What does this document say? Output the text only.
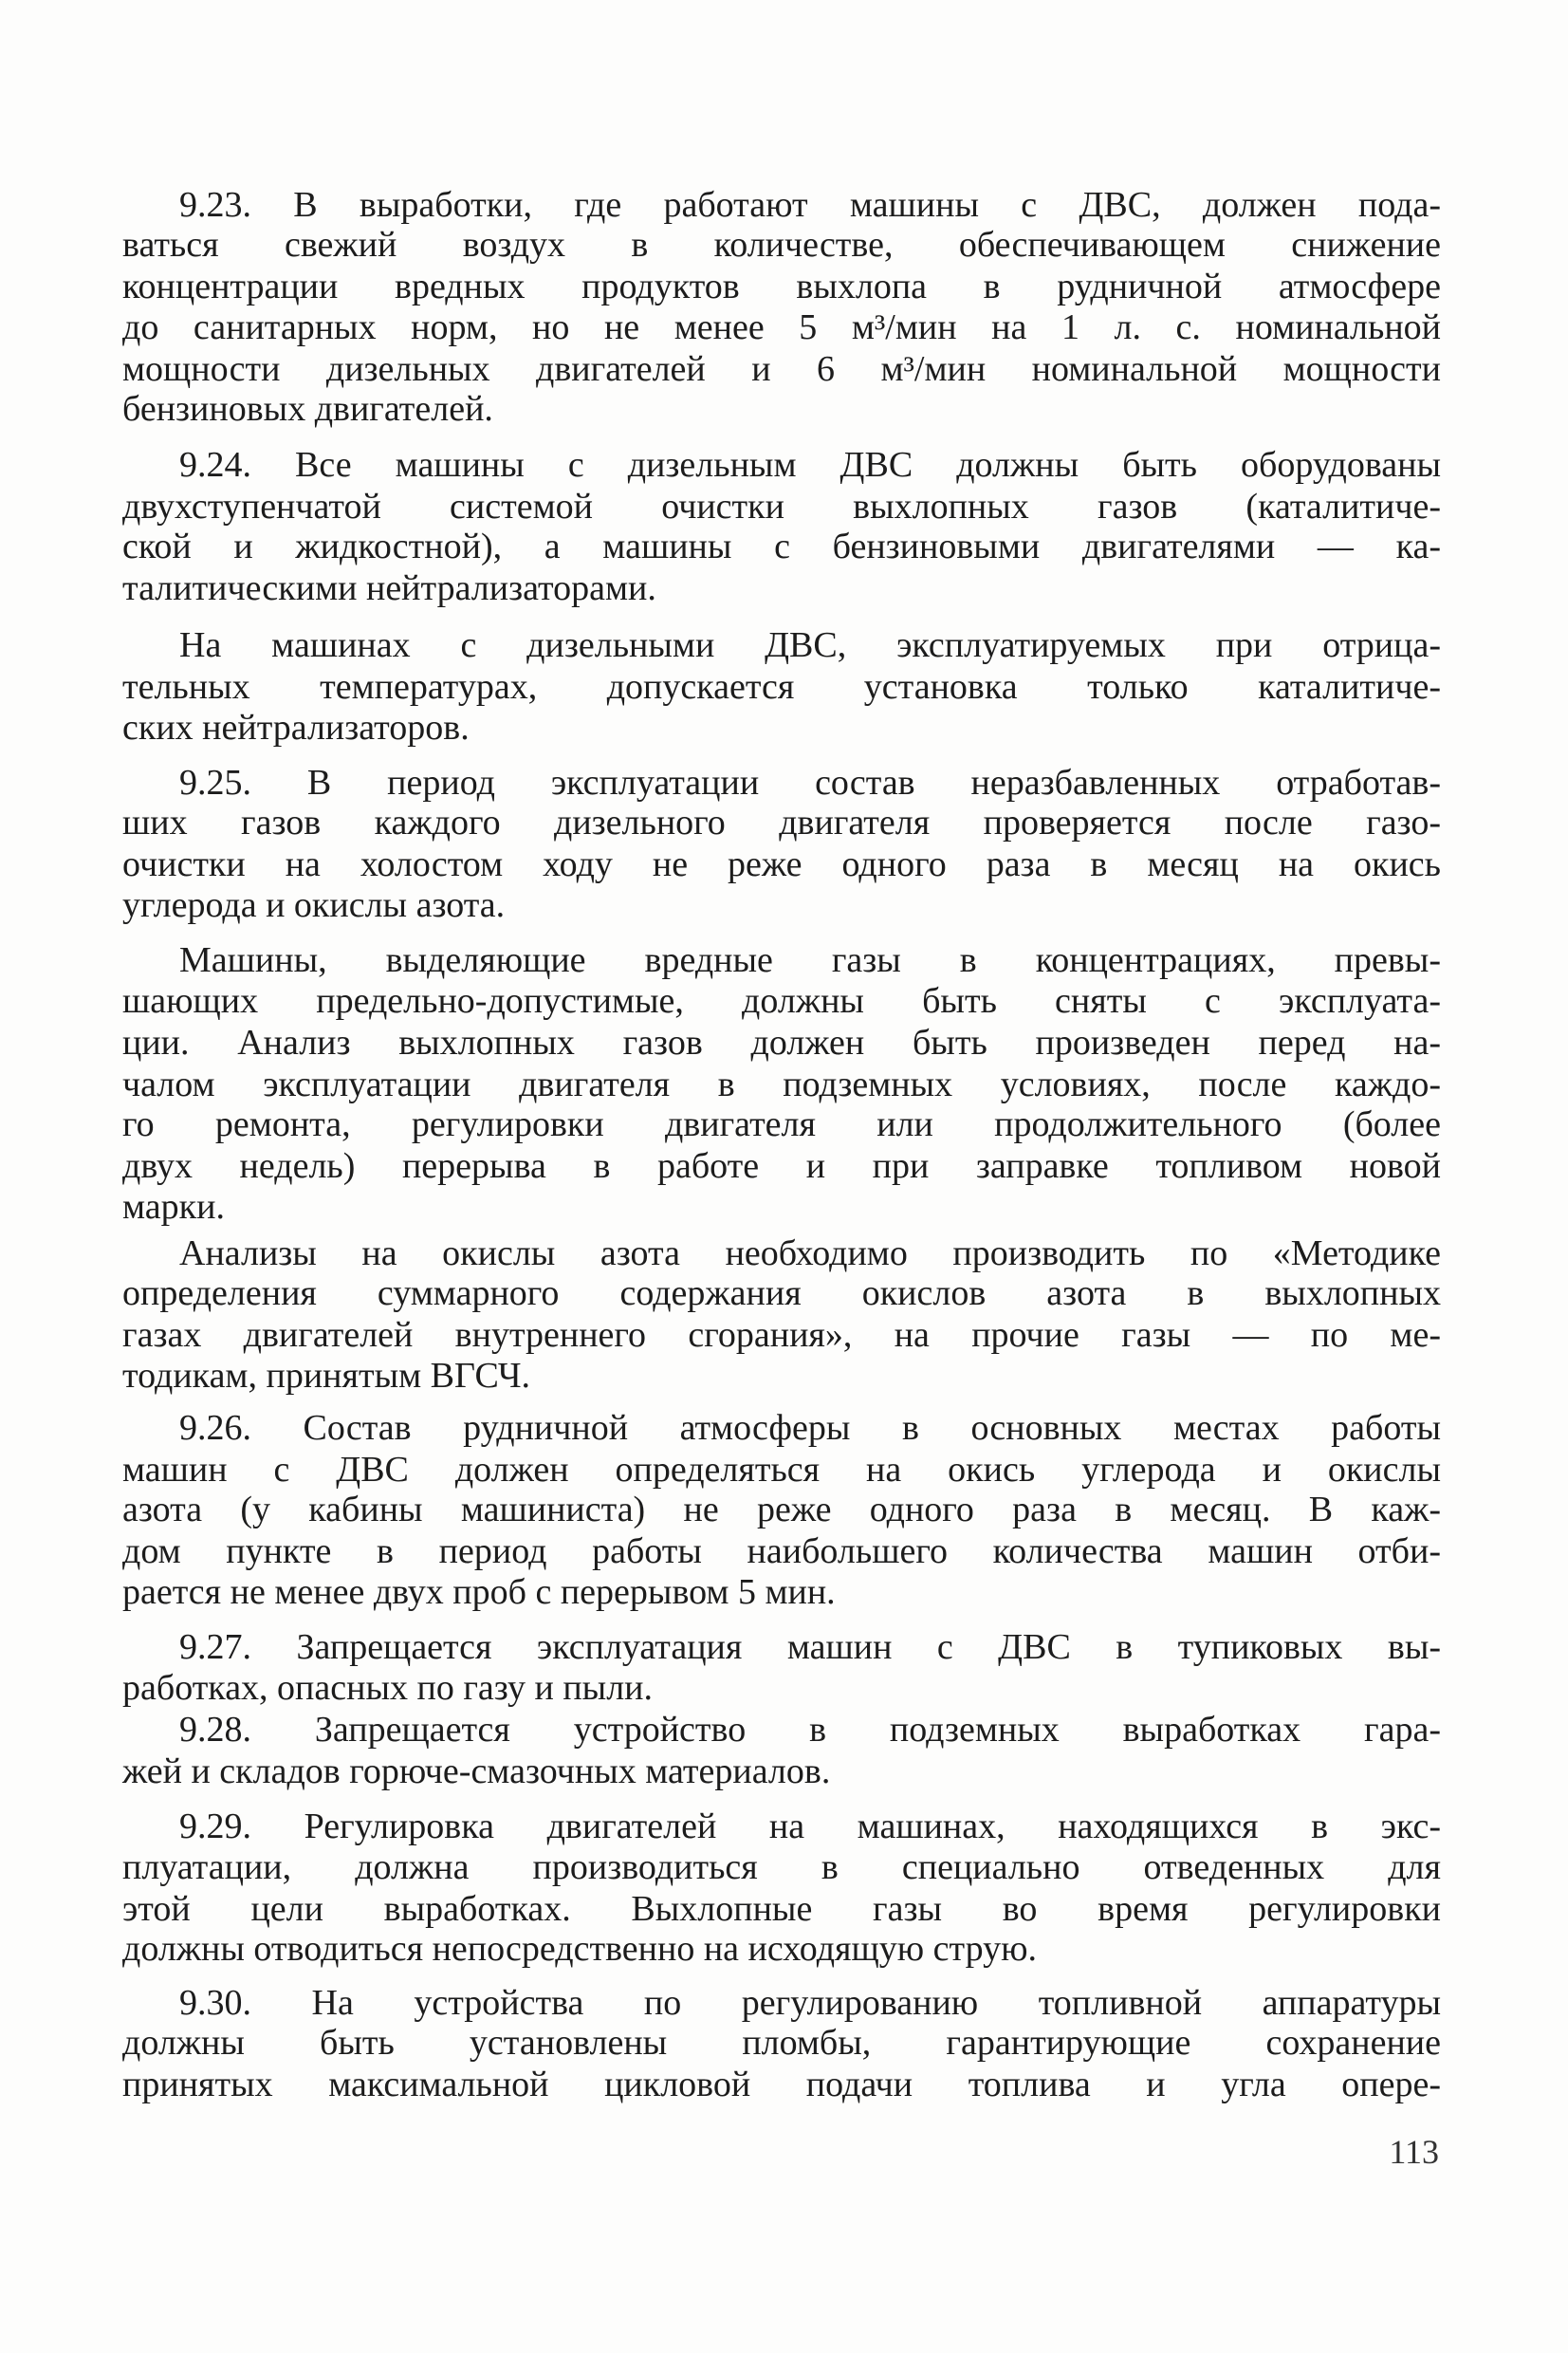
9.23. В выработки, где работают машины с ДВС, должен пода-
ваться свежий воздух в количестве, обеспечивающем снижение
концентрации вредных продуктов выхлопа в рудничной атмосфере
до санитарных норм, но не менее 5 м³/мин на 1 л. с. номинальной
мощности дизельных двигателей и 6 м³/мин номинальной мощности
бензиновых двигателей.
9.24. Все машины с дизельным ДВС должны быть оборудованы
двухступенчатой системой очистки выхлопных газов (каталитиче-
ской и жидкостной), а машины с бензиновыми двигателями — ка-
талитическими нейтрализаторами.
На машинах с дизельными ДВС, эксплуатируемых при отрица-
тельных температурах, допускается установка только каталитиче-
ских нейтрализаторов.
9.25. В период эксплуатации состав неразбавленных отработав-
ших газов каждого дизельного двигателя проверяется после газо-
очистки на холостом ходу не реже одного раза в месяц на окись
углерода и окислы азота.
Машины, выделяющие вредные газы в концентрациях, превы-
шающих предельно-допустимые, должны быть сняты с эксплуата-
ции. Анализ выхлопных газов должен быть произведен перед на-
чалом эксплуатации двигателя в подземных условиях, после каждо-
го ремонта, регулировки двигателя или продолжительного (более
двух недель) перерыва в работе и при заправке топливом новой
марки.
Анализы на окислы азота необходимо производить по «Методике
определения суммарного содержания окислов азота в выхлопных
газах двигателей внутреннего сгорания», на прочие газы — по ме-
тодикам, принятым ВГСЧ.
9.26. Состав рудничной атмосферы в основных местах работы
машин с ДВС должен определяться на окись углерода и окислы
азота (у кабины машиниста) не реже одного раза в месяц. В каж-
дом пункте в период работы наибольшего количества машин отби-
рается не менее двух проб с перерывом 5 мин.
9.27. Запрещается эксплуатация машин с ДВС в тупиковых вы-
работках, опасных по газу и пыли.
9.28. Запрещается устройство в подземных выработках гара-
жей и складов горюче-смазочных материалов.
9.29. Регулировка двигателей на машинах, находящихся в экс-
плуатации, должна производиться в специально отведенных для
этой цели выработках. Выхлопные газы во время регулировки
должны отводиться непосредственно на исходящую струю.
9.30. На устройства по регулированию топливной аппаратуры
должны быть установлены пломбы, гарантирующие сохранение
принятых максимальной цикловой подачи топлива и угла опере-
113
